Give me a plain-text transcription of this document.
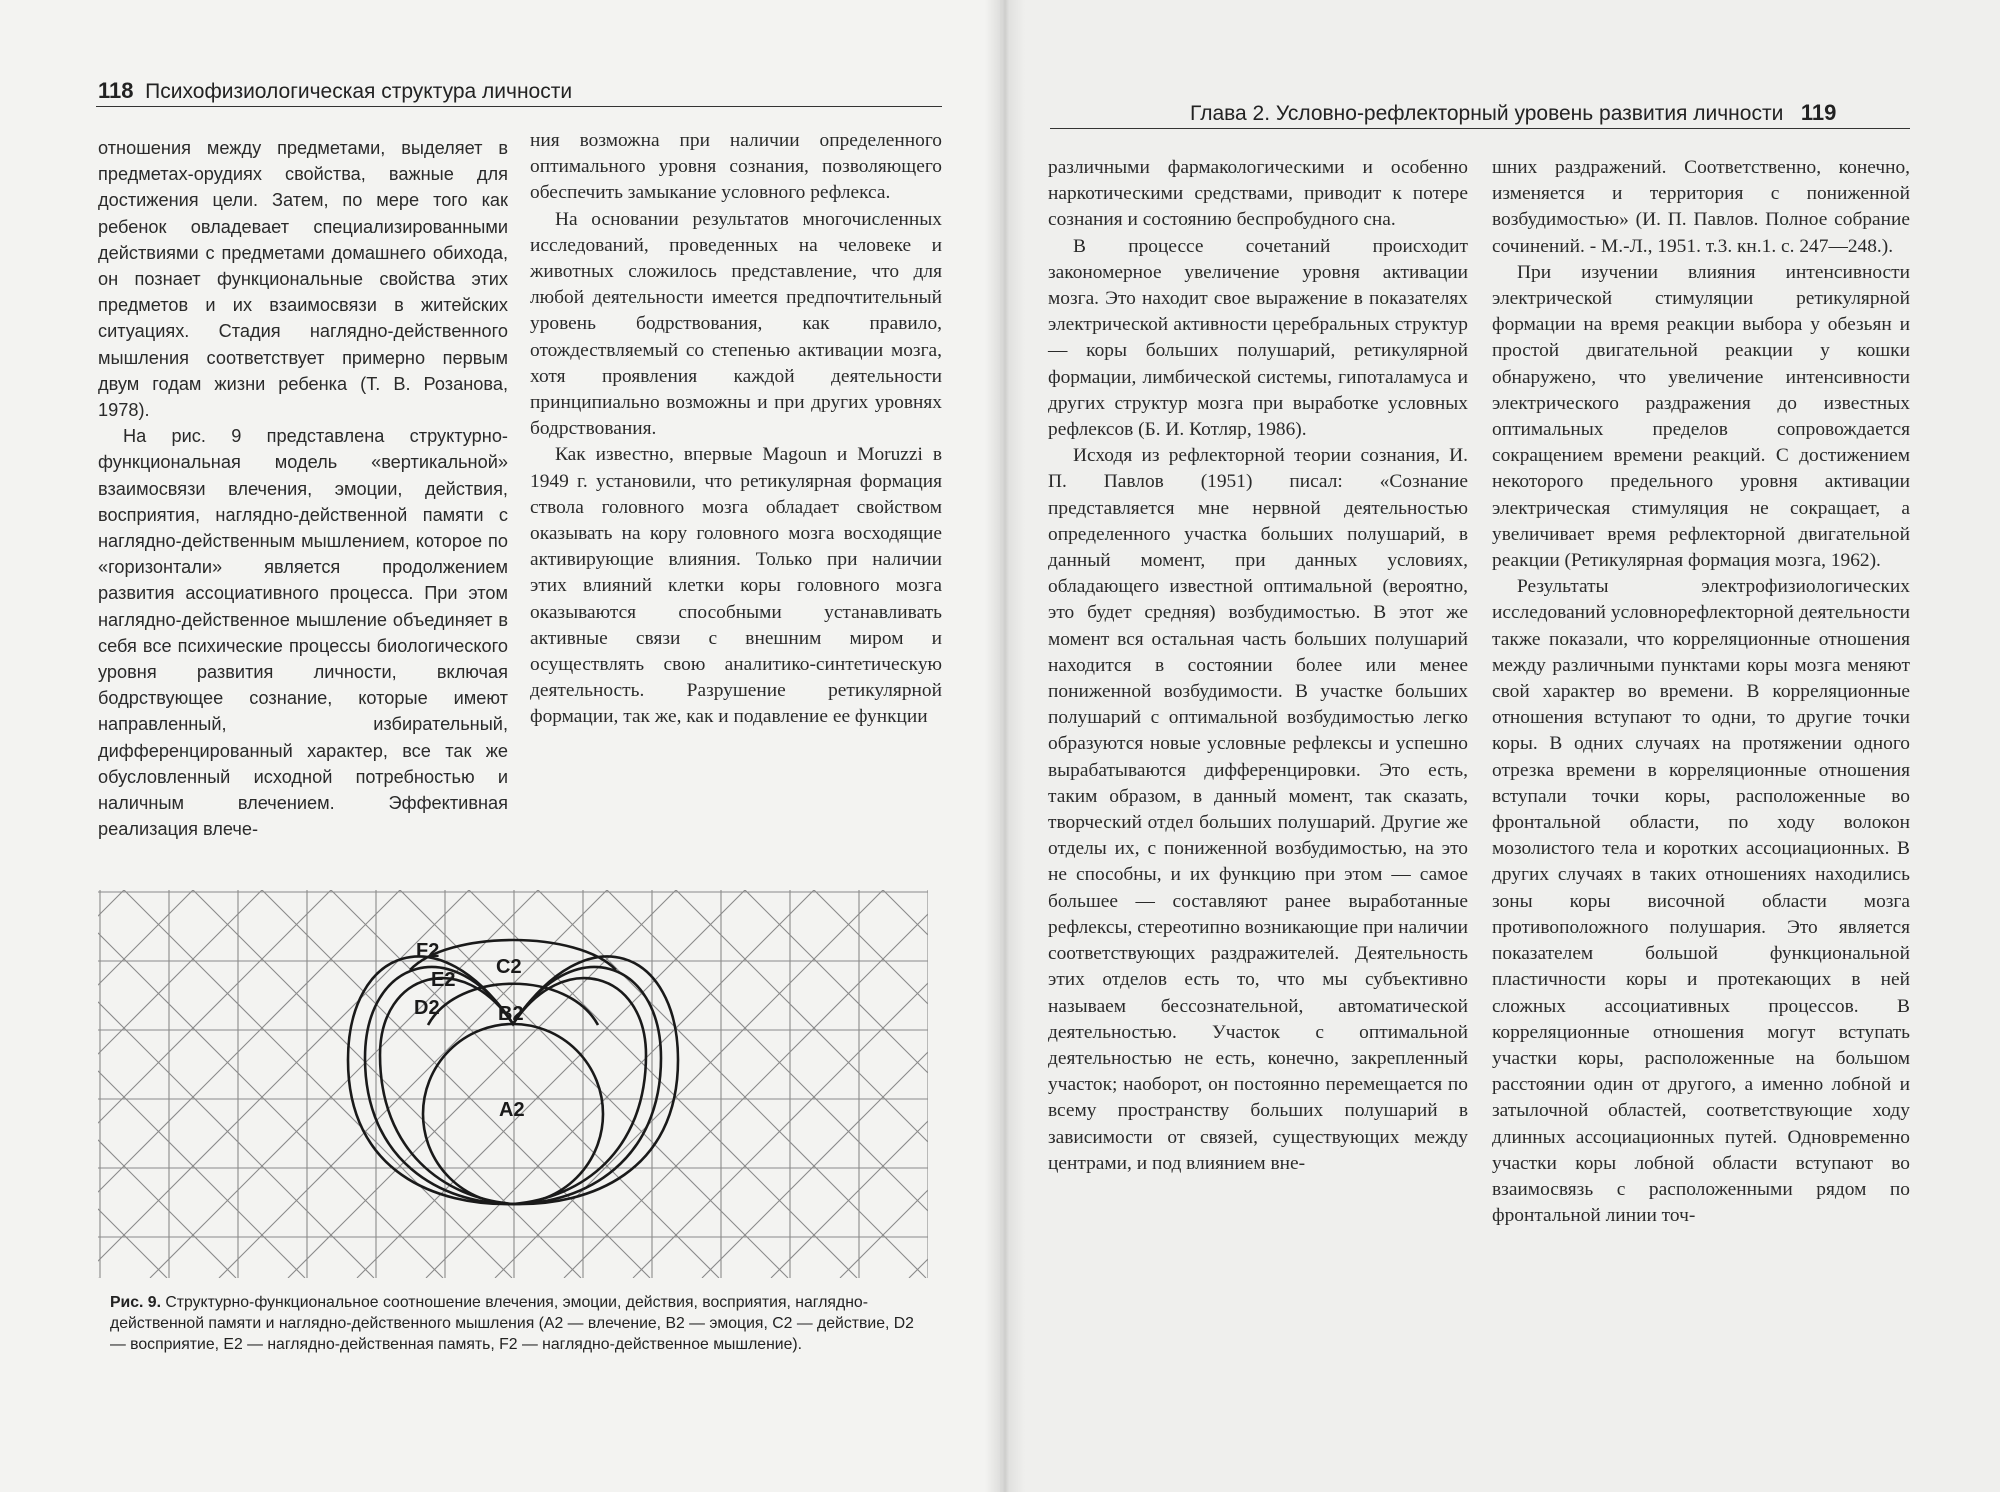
118 Психофизиологическая структура личности

отношения между предметами, выделяет в предметах-орудиях свойства, важные для достижения цели. Затем, по мере того как ребенок овладевает специализированными действиями с предметами домашнего обихода, он познает функциональные свойства этих предметов и их взаимосвязи в житейских ситуациях. Стадия наглядно-действенного мышления соответствует примерно первым двум годам жизни ребенка (Т. В. Розанова, 1978).

На рис. 9 представлена структурно-функциональная модель «вертикальной» взаимосвязи влечения, эмоции, действия, восприятия, наглядно-действенной памяти с наглядно-действенным мышлением, которое по «горизонтали» является продолжением развития ассоциативного процесса. При этом наглядно-действенное мышление объединяет в себя все психические процессы биологического уровня развития личности, включая бодрствующее сознание, которые имеют направленный, избирательный, дифференцированный характер, все так же обусловленный исходной потребностью и наличным влечением. Эффективная реализация влече-

ния возможна при наличии определенного оптимального уровня сознания, позволяющего обеспечить замыкание условного рефлекса.

На основании результатов многочисленных исследований, проведенных на человеке и животных сложилось представление, что для любой деятельности имеется предпочтительный уровень бодрствования, как правило, отождествляемый со степенью активации мозга, хотя проявления каждой деятельности принципиально возможны и при других уровнях бодрствования.

Как известно, впервые Magoun и Moruzzi в 1949 г. установили, что ретикулярная формация ствола головного мозга обладает свойством оказывать на кору головного мозга восходящие активирующие влияния. Только при наличии этих влияний клетки коры головного мозга оказываются способными устанавливать активные связи с внешним миром и осуществлять свою аналитико-синтетическую деятельность. Разрушение ретикулярной формации, так же, как и подавление ее функции

F2
E2
D2
C2
B2
A2
Рис. 9. Структурно-функциональное соотношение влечения, эмоции, действия, восприятия, наглядно-действенной памяти и наглядно-действенного мышления (A2 — влечение, B2 — эмоция, C2 — действие, D2 — восприятие, E2 — наглядно-действенная память, F2 — наглядно-действенное мышление).
Глава 2. Условно-рефлекторный уровень развития личности 119

различными фармакологическими и особенно наркотическими средствами, приводит к потере сознания и состоянию беспробудного сна.

В процессе сочетаний происходит закономерное увеличение уровня активации мозга. Это находит свое выражение в показателях электрической активности церебральных структур — коры больших полушарий, ретикулярной формации, лимбической системы, гипоталамуса и других структур мозга при выработке условных рефлексов (Б. И. Котляр, 1986).

Исходя из рефлекторной теории сознания, И. П. Павлов (1951) писал: «Сознание представляется мне нервной деятельностью определенного участка больших полушарий, в данный момент, при данных условиях, обладающего известной оптимальной (вероятно, это будет средняя) возбудимостью. В этот же момент вся остальная часть больших полушарий находится в состоянии более или менее пониженной возбудимости. В участке больших полушарий с оптимальной возбудимостью легко образуются новые условные рефлексы и успешно вырабатываются дифференцировки. Это есть, таким образом, в данный момент, так сказать, творческий отдел больших полушарий. Другие же отделы их, с пониженной возбудимостью, на это не способны, и их функцию при этом — самое большее — составляют ранее выработанные рефлексы, стереотипно возникающие при наличии соответствующих раздражителей. Деятельность этих отделов есть то, что мы субъективно называем бессознательной, автоматической деятельностью. Участок с оптимальной деятельностью не есть, конечно, закрепленный участок; наоборот, он постоянно перемещается по всему пространству больших полушарий в зависимости от связей, существующих между центрами, и под влиянием вне-

шних раздражений. Соответственно, конечно, изменяется и территория с пониженной возбудимостью» (И. П. Павлов. Полное собрание сочинений. - М.-Л., 1951. т.3. кн.1. с. 247—248.).

При изучении влияния интенсивности электрической стимуляции ретикулярной формации на время реакции выбора у обезьян и простой двигательной реакции у кошки обнаружено, что увеличение интенсивности электрического раздражения до известных оптимальных пределов сопровождается сокращением времени реакций. С достижением некоторого предельного уровня активации электрическая стимуляция не сокращает, а увеличивает время рефлекторной двигательной реакции (Ретикулярная формация мозга, 1962).

Результаты электрофизиологических исследований условнорефлекторной деятельности также показали, что корреляционные отношения между различными пунктами коры мозга меняют свой характер во времени. В корреляционные отношения вступают то одни, то другие точки коры. В одних случаях на протяжении одного отрезка времени в корреляционные отношения вступали точки коры, расположенные во фронтальной области, по ходу волокон мозолистого тела и коротких ассоциационных. В других случаях в таких отношениях находились зоны коры височной области мозга противоположного полушария. Это является показателем большой функциональной пластичности коры и протекающих в ней сложных ассоциативных процессов. В корреляционные отношения могут вступать участки коры, расположенные на большом расстоянии один от другого, а именно лобной и затылочной областей, соответствующие ходу длинных ассоциационных путей. Одновременно участки коры лобной области вступают во взаимосвязь с расположенными рядом по фронтальной линии точ-
